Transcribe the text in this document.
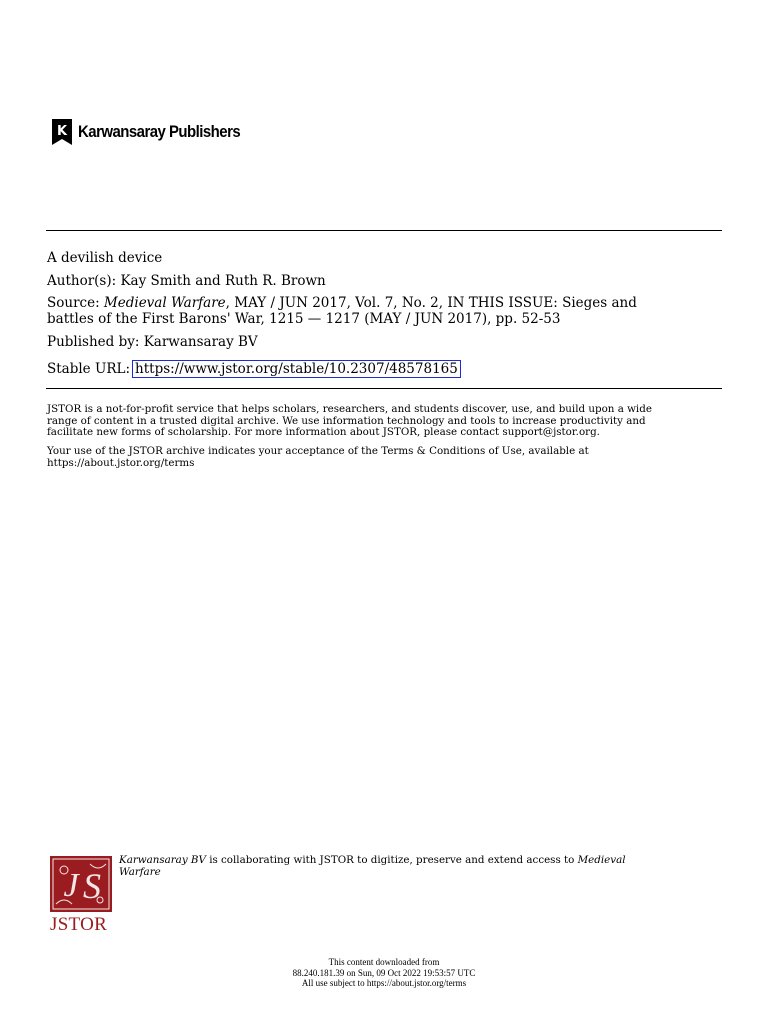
K Karwansaray Publishers
A devilish device
Author(s): Kay Smith and Ruth R. Brown
Source: Medieval Warfare, MAY / JUN 2017, Vol. 7, No. 2, IN THIS ISSUE: Sieges and
battles of the First Barons' War, 1215 — 1217 (MAY / JUN 2017), pp. 52-53
Published by: Karwansaray BV
Stable URL: https://www.jstor.org/stable/10.2307/48578165
JSTOR is a not-for-profit service that helps scholars, researchers, and students discover, use, and build upon a wide
range of content in a trusted digital archive. We use information technology and tools to increase productivity and
facilitate new forms of scholarship. For more information about JSTOR, please contact support@jstor.org.
Your use of the JSTOR archive indicates your acceptance of the Terms & Conditions of Use, available at
https://about.jstor.org/terms
J S
JSTOR
Karwansaray BV is collaborating with JSTOR to digitize, preserve and extend access to Medieval
Warfare
This content downloaded from
88.240.181.39 on Sun, 09 Oct 2022 19:53:57 UTC
All use subject to https://about.jstor.org/terms
